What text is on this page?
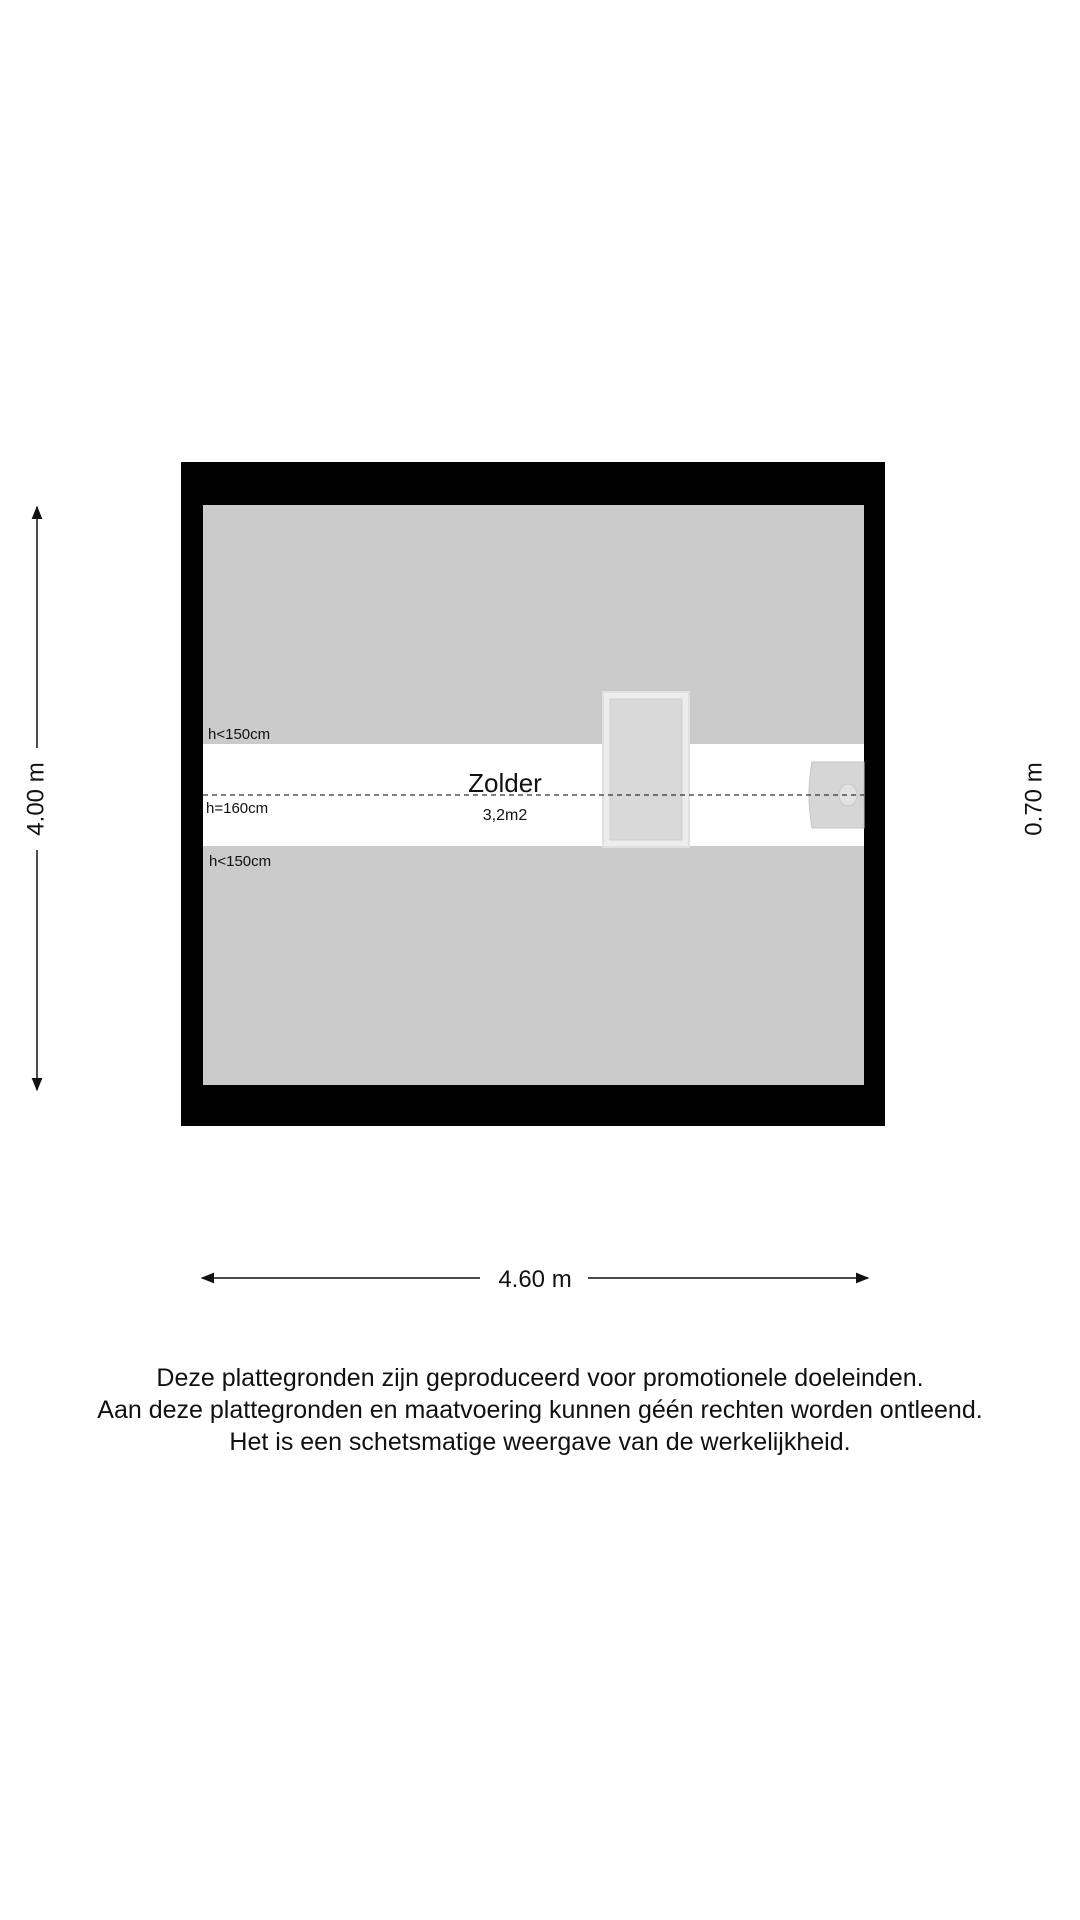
Zolder
3,2m2
h<150cm
h=160cm
h<150cm
4.00 m	0.70 m
4.60 m
Deze plattegronden zijn geproduceerd voor promotionele doeleinden.
Aan deze plattegronden en maatvoering kunnen géén rechten worden ontleend.
Het is een schetsmatige weergave van de werkelijkheid.
